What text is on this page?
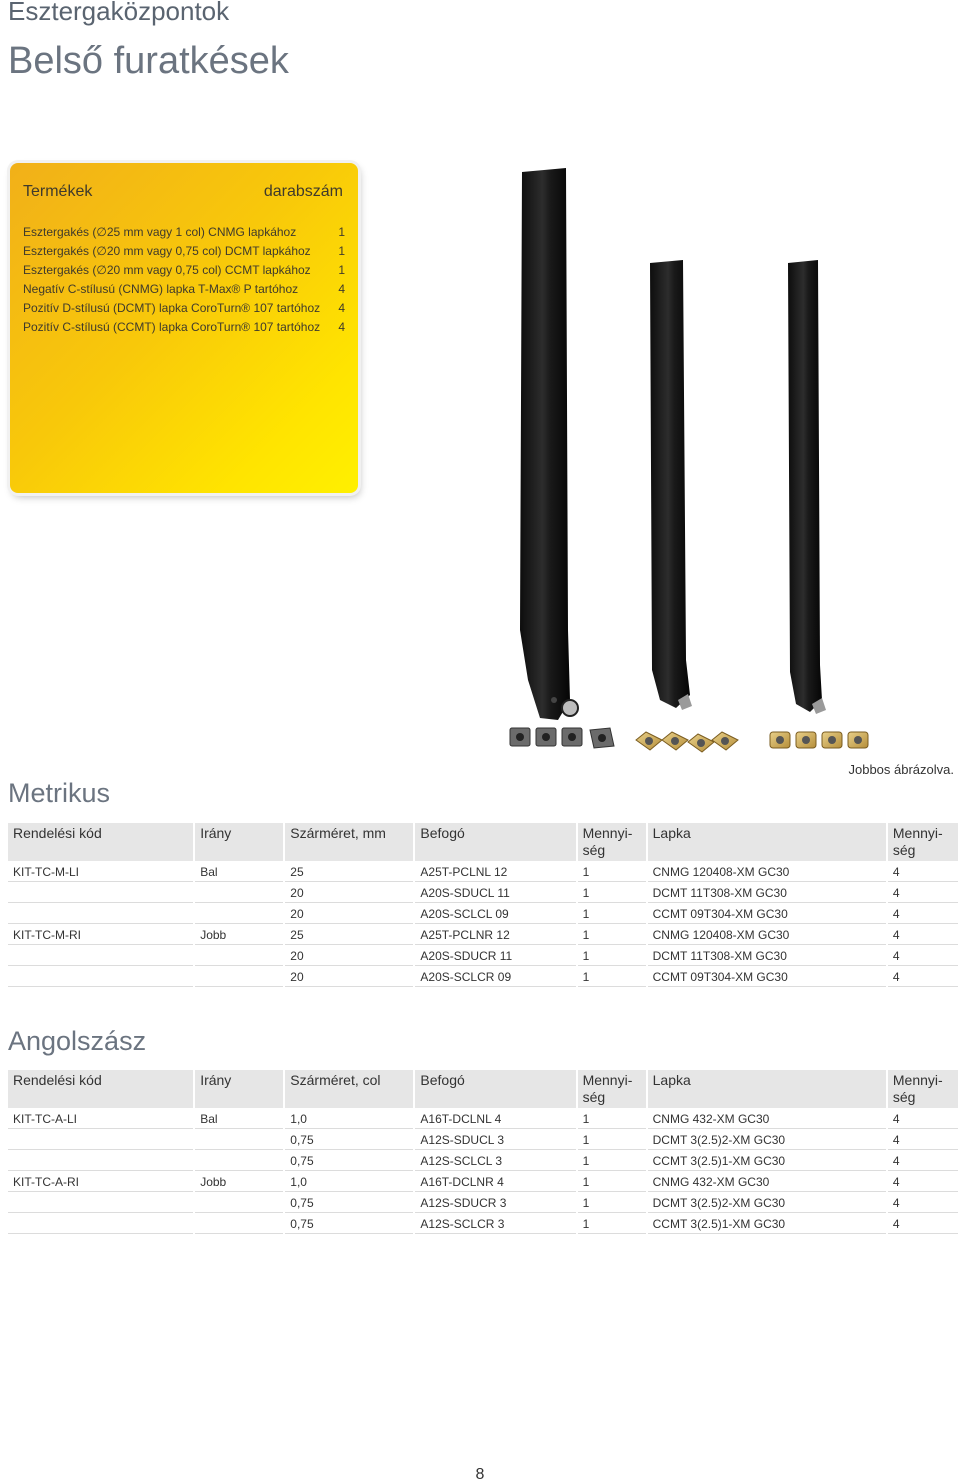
Esztergaközpontok
Belső furatkések
Termékek	darabszám
Esztergakés (∅25 mm vagy 1 col) CNMG lapkához	1
Esztergakés (∅20 mm vagy 0,75 col) DCMT lapkához 1
Esztergakés (∅20 mm vagy 0,75 col) CCMT lapkához 1
Negatív C-stílusú (CNMG) lapka T-Max® P tartóhoz	4
Pozitív D-stílusú (DCMT) lapka CoroTurn® 107 tartóhoz 4
Pozitív C-stílusú (CCMT) lapka CoroTurn® 107 tartóhoz 4
Jobbos ábrázolva.
Metrikus
Rendelési kód	Irány	Szárméret, mm	Befogó	Mennyi-
ség	Lapka	Mennyi-
ség
KIT-TC-M-LI	Bal	25	A25T-PCLNL 12	1	CNMG 120408-XM GC30	4
		20	A20S-SDUCL 11	1	DCMT 11T308-XM GC30	4
		20	A20S-SCLCL 09	1	CCMT 09T304-XM GC30	4
KIT-TC-M-RI	Jobb	25	A25T-PCLNR 12	1	CNMG 120408-XM GC30	4
		20	A20S-SDUCR 11	1	DCMT 11T308-XM GC30	4
		20	A20S-SCLCR 09	1	CCMT 09T304-XM GC30	4
Angolszász
Rendelési kód	Irány	Szárméret, col	Befogó	Mennyi-
ség	Lapka	Mennyi-
ség
KIT-TC-A-LI	Bal	1,0	A16T-DCLNL 4	1	CNMG 432-XM GC30	4
		0,75	A12S-SDUCL 3	1	DCMT 3(2.5)2-XM GC30	4
		0,75	A12S-SCLCL 3	1	CCMT 3(2.5)1-XM GC30	4
KIT-TC-A-RI	Jobb	1,0	A16T-DCLNR 4	1	CNMG 432-XM GC30	4
		0,75	A12S-SDUCR 3	1	DCMT 3(2.5)2-XM GC30	4
		0,75	A12S-SCLCR 3	1	CCMT 3(2.5)1-XM GC30	4
8
